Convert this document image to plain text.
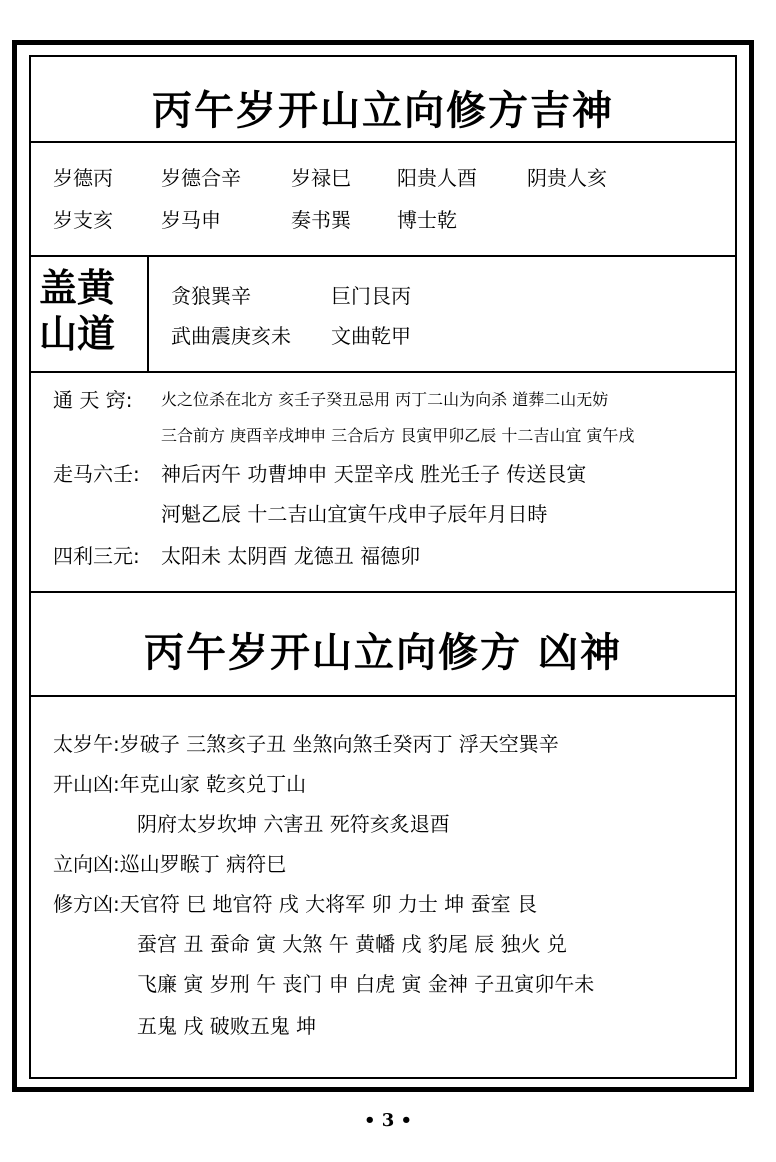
丙午岁开山立向修方吉神
岁德丙 岁德合辛	岁禄巳 阳贵人酉	阴贵人亥
岁支亥 岁马申	奏书巽 博士乾
盖黄
山道
贪狼巽辛	巨门艮丙
武曲震庚亥未 文曲乾甲
通 天 窍: 火之位杀在北方 亥壬子癸丑忌用 丙丁二山为向杀 道葬二山无妨
三合前方 庚酉辛戌坤申 三合后方 艮寅甲卯乙辰 十二吉山宜 寅午戌
走马六壬: 神后丙午 功曹坤申 天罡辛戌 胜光壬子 传送艮寅
河魁乙辰 十二吉山宜寅午戌申子辰年月日時
四利三元: 太阳未 太阴酉 龙德丑 福德卯
丙午岁开山立向修方 凶神
太岁午:岁破子 三煞亥子丑 坐煞向煞壬癸丙丁 浮天空巽辛
开山凶:年克山家 乾亥兑丁山
阴府太岁坎坤 六害丑 死符亥炙退酉
立向凶:巡山罗睺丁 病符巳
修方凶:天官符 巳 地官符 戌 大将军 卯 力士 坤 蚕室 艮
蚕宫 丑 蚕命 寅 大煞 午 黄幡 戌 豹尾 辰 独火 兑
飞廉 寅 岁刑 午 丧门 申 白虎 寅 金神 子丑寅卯午未
五鬼 戌 破败五鬼 坤
• 3 •
